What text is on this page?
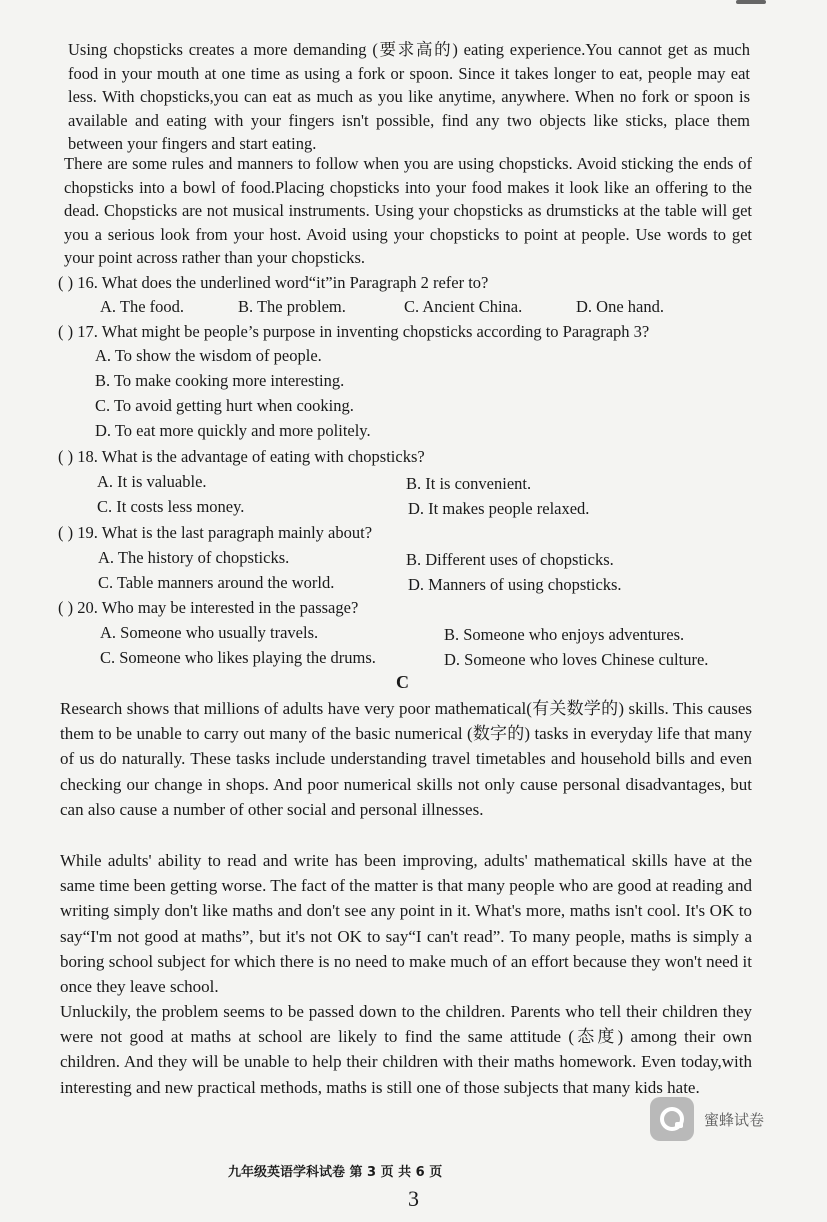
Using chopsticks creates a more demanding (要求高的) eating experience.You cannot get as much food in your mouth at one time as using a fork or spoon. Since it takes longer to eat, people may eat less. With chopsticks,you can eat as much as you like anytime, anywhere. When no fork or spoon is available and eating with your fingers isn't possible, find any two objects like sticks, place them between your fingers and start eating.

There are some rules and manners to follow when you are using chopsticks. Avoid sticking the ends of chopsticks into a bowl of food.Placing chopsticks into your food makes it look like an offering to the dead. Chopsticks are not musical instruments. Using your chopsticks as drumsticks at the table will get you a serious look from your host. Avoid using your chopsticks to point at people. Use words to get your point across rather than your chopsticks.

( ) 16. What does the underlined word“it”in Paragraph 2 refer to?
A. The food.	B. The problem.	C. Ancient China.	D. One hand.
( ) 17. What might be people’s purpose in inventing chopsticks according to Paragraph 3?
A. To show the wisdom of people.
B. To make cooking more interesting.
C. To avoid getting hurt when cooking.
D. To eat more quickly and more politely.
( ) 18. What is the advantage of eating with chopsticks?
A. It is valuable.	B. It is convenient.
C. It costs less money.	D. It makes people relaxed.
( ) 19. What is the last paragraph mainly about?
A. The history of chopsticks.	B. Different uses of chopsticks.
C. Table manners around the world.	D. Manners of using chopsticks.
( ) 20. Who may be interested in the passage?
A. Someone who usually travels.	B. Someone who enjoys adventures.
C. Someone who likes playing the drums.	D. Someone who loves Chinese culture.
C

Research shows that millions of adults have very poor mathematical(有关数学的) skills. This causes them to be unable to carry out many of the basic numerical (数字的) tasks in everyday life that many of us do naturally. These tasks include understanding travel timetables and household bills and even checking our change in shops. And poor numerical skills not only cause personal disadvantages, but can also cause a number of other social and personal illnesses.

While adults' ability to read and write has been improving, adults' mathematical skills have at the same time been getting worse. The fact of the matter is that many people who are good at reading and writing simply don't like maths and don't see any point in it. What's more, maths isn't cool. It's OK to say“I'm not good at maths”, but it's not OK to say“I can't read”. To many people, maths is simply a boring school subject for which there is no need to make much of an effort because they won't need it once they leave school.

Unluckily, the problem seems to be passed down to the children. Parents who tell their children they were not good at maths at school are likely to find the same attitude (态度) among their own children. And they will be unable to help their children with their maths homework. Even today,with interesting and new practical methods, maths is still one of those subjects that many kids hate.

蜜蜂试卷
九年级英语学科试卷 第 3 页 共 6 页
3
